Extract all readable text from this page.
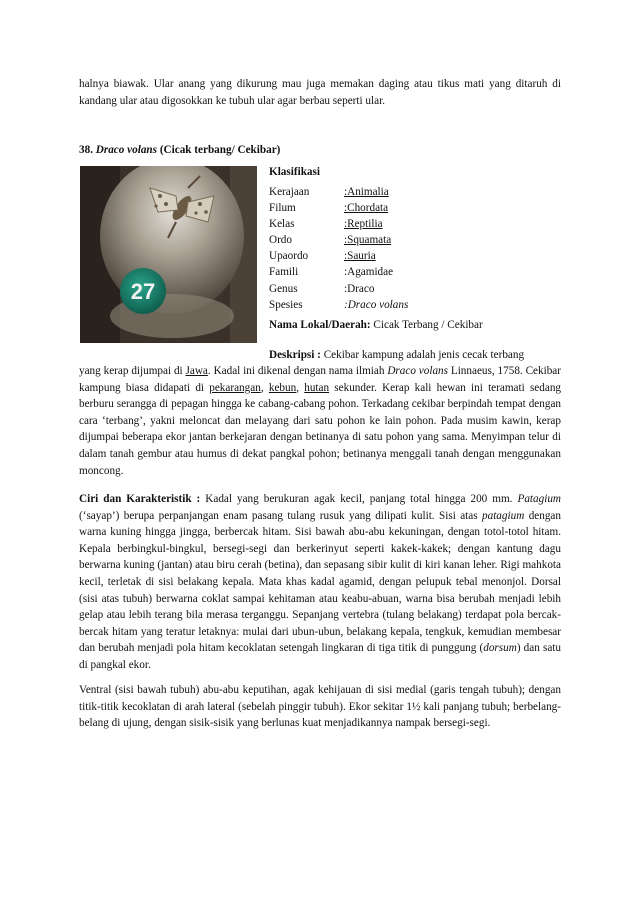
halnya biawak. Ular anang yang dikurung mau juga memakan daging atau tikus mati yang ditaruh di kandang ular atau digosokkan ke tubuh ular agar berbau seperti ular.

38. Draco volans (Cicak terbang/ Cekibar)
27
Klasifikasi
Kerajaan	:Animalia
Filum	:Chordata
Kelas	:Reptilia
Ordo	:Squamata
Upaordo	:Sauria
Famili	:Agamidae
Genus	:Draco
Spesies	:Draco volans
Nama Lokal/Daerah: Cicak Terbang / Cekibar

Deskripsi : Cekibar kampung adalah jenis cecak terbang

yang kerap dijumpai di Jawa. Kadal ini dikenal dengan nama ilmiah Draco volans Linnaeus, 1758. Cekibar kampung biasa didapati di pekarangan, kebun, hutan sekunder. Kerap kali hewan ini teramati sedang berburu serangga di pepagan hingga ke cabang-cabang pohon. Terkadang cekibar berpindah tempat dengan cara ‘terbang’, yakni meloncat dan melayang dari satu pohon ke lain pohon. Pada musim kawin, kerap dijumpai beberapa ekor jantan berkejaran dengan betinanya di satu pohon yang sama. Menyimpan telur di dalam tanah gembur atau humus di dekat pangkal pohon; betinanya menggali tanah dengan menggunakan moncong.

Ciri dan Karakteristik : Kadal yang berukuran agak kecil, panjang total hingga 200 mm. Patagium (‘sayap’) berupa perpanjangan enam pasang tulang rusuk yang dilipati kulit. Sisi atas patagium dengan warna kuning hingga jingga, berbercak hitam. Sisi bawah abu-abu kekuningan, dengan totol-totol hitam. Kepala berbingkul-bingkul, bersegi-segi dan berkerinyut seperti kakek-kakek; dengan kantung dagu berwarna kuning (jantan) atau biru cerah (betina), dan sepasang sibir kulit di kiri kanan leher. Rigi mahkota kecil, terletak di sisi belakang kepala. Mata khas kadal agamid, dengan pelupuk tebal menonjol. Dorsal (sisi atas tubuh) berwarna coklat sampai kehitaman atau keabu-abuan, warna bisa berubah menjadi lebih gelap atau lebih terang bila merasa terganggu. Sepanjang vertebra (tulang belakang) terdapat pola bercak-bercak hitam yang teratur letaknya: mulai dari ubun-ubun, belakang kepala, tengkuk, kemudian membesar dan berubah menjadi pola hitam kecoklatan setengah lingkaran di tiga titik di punggung (dorsum) dan satu di pangkal ekor.

Ventral (sisi bawah tubuh) abu-abu keputihan, agak kehijauan di sisi medial (garis tengah tubuh); dengan titik-titik kecoklatan di arah lateral (sebelah pinggir tubuh). Ekor sekitar 1½ kali panjang tubuh; berbelang-belang di ujung, dengan sisik-sisik yang berlunas kuat menjadikannya nampak bersegi-segi.
